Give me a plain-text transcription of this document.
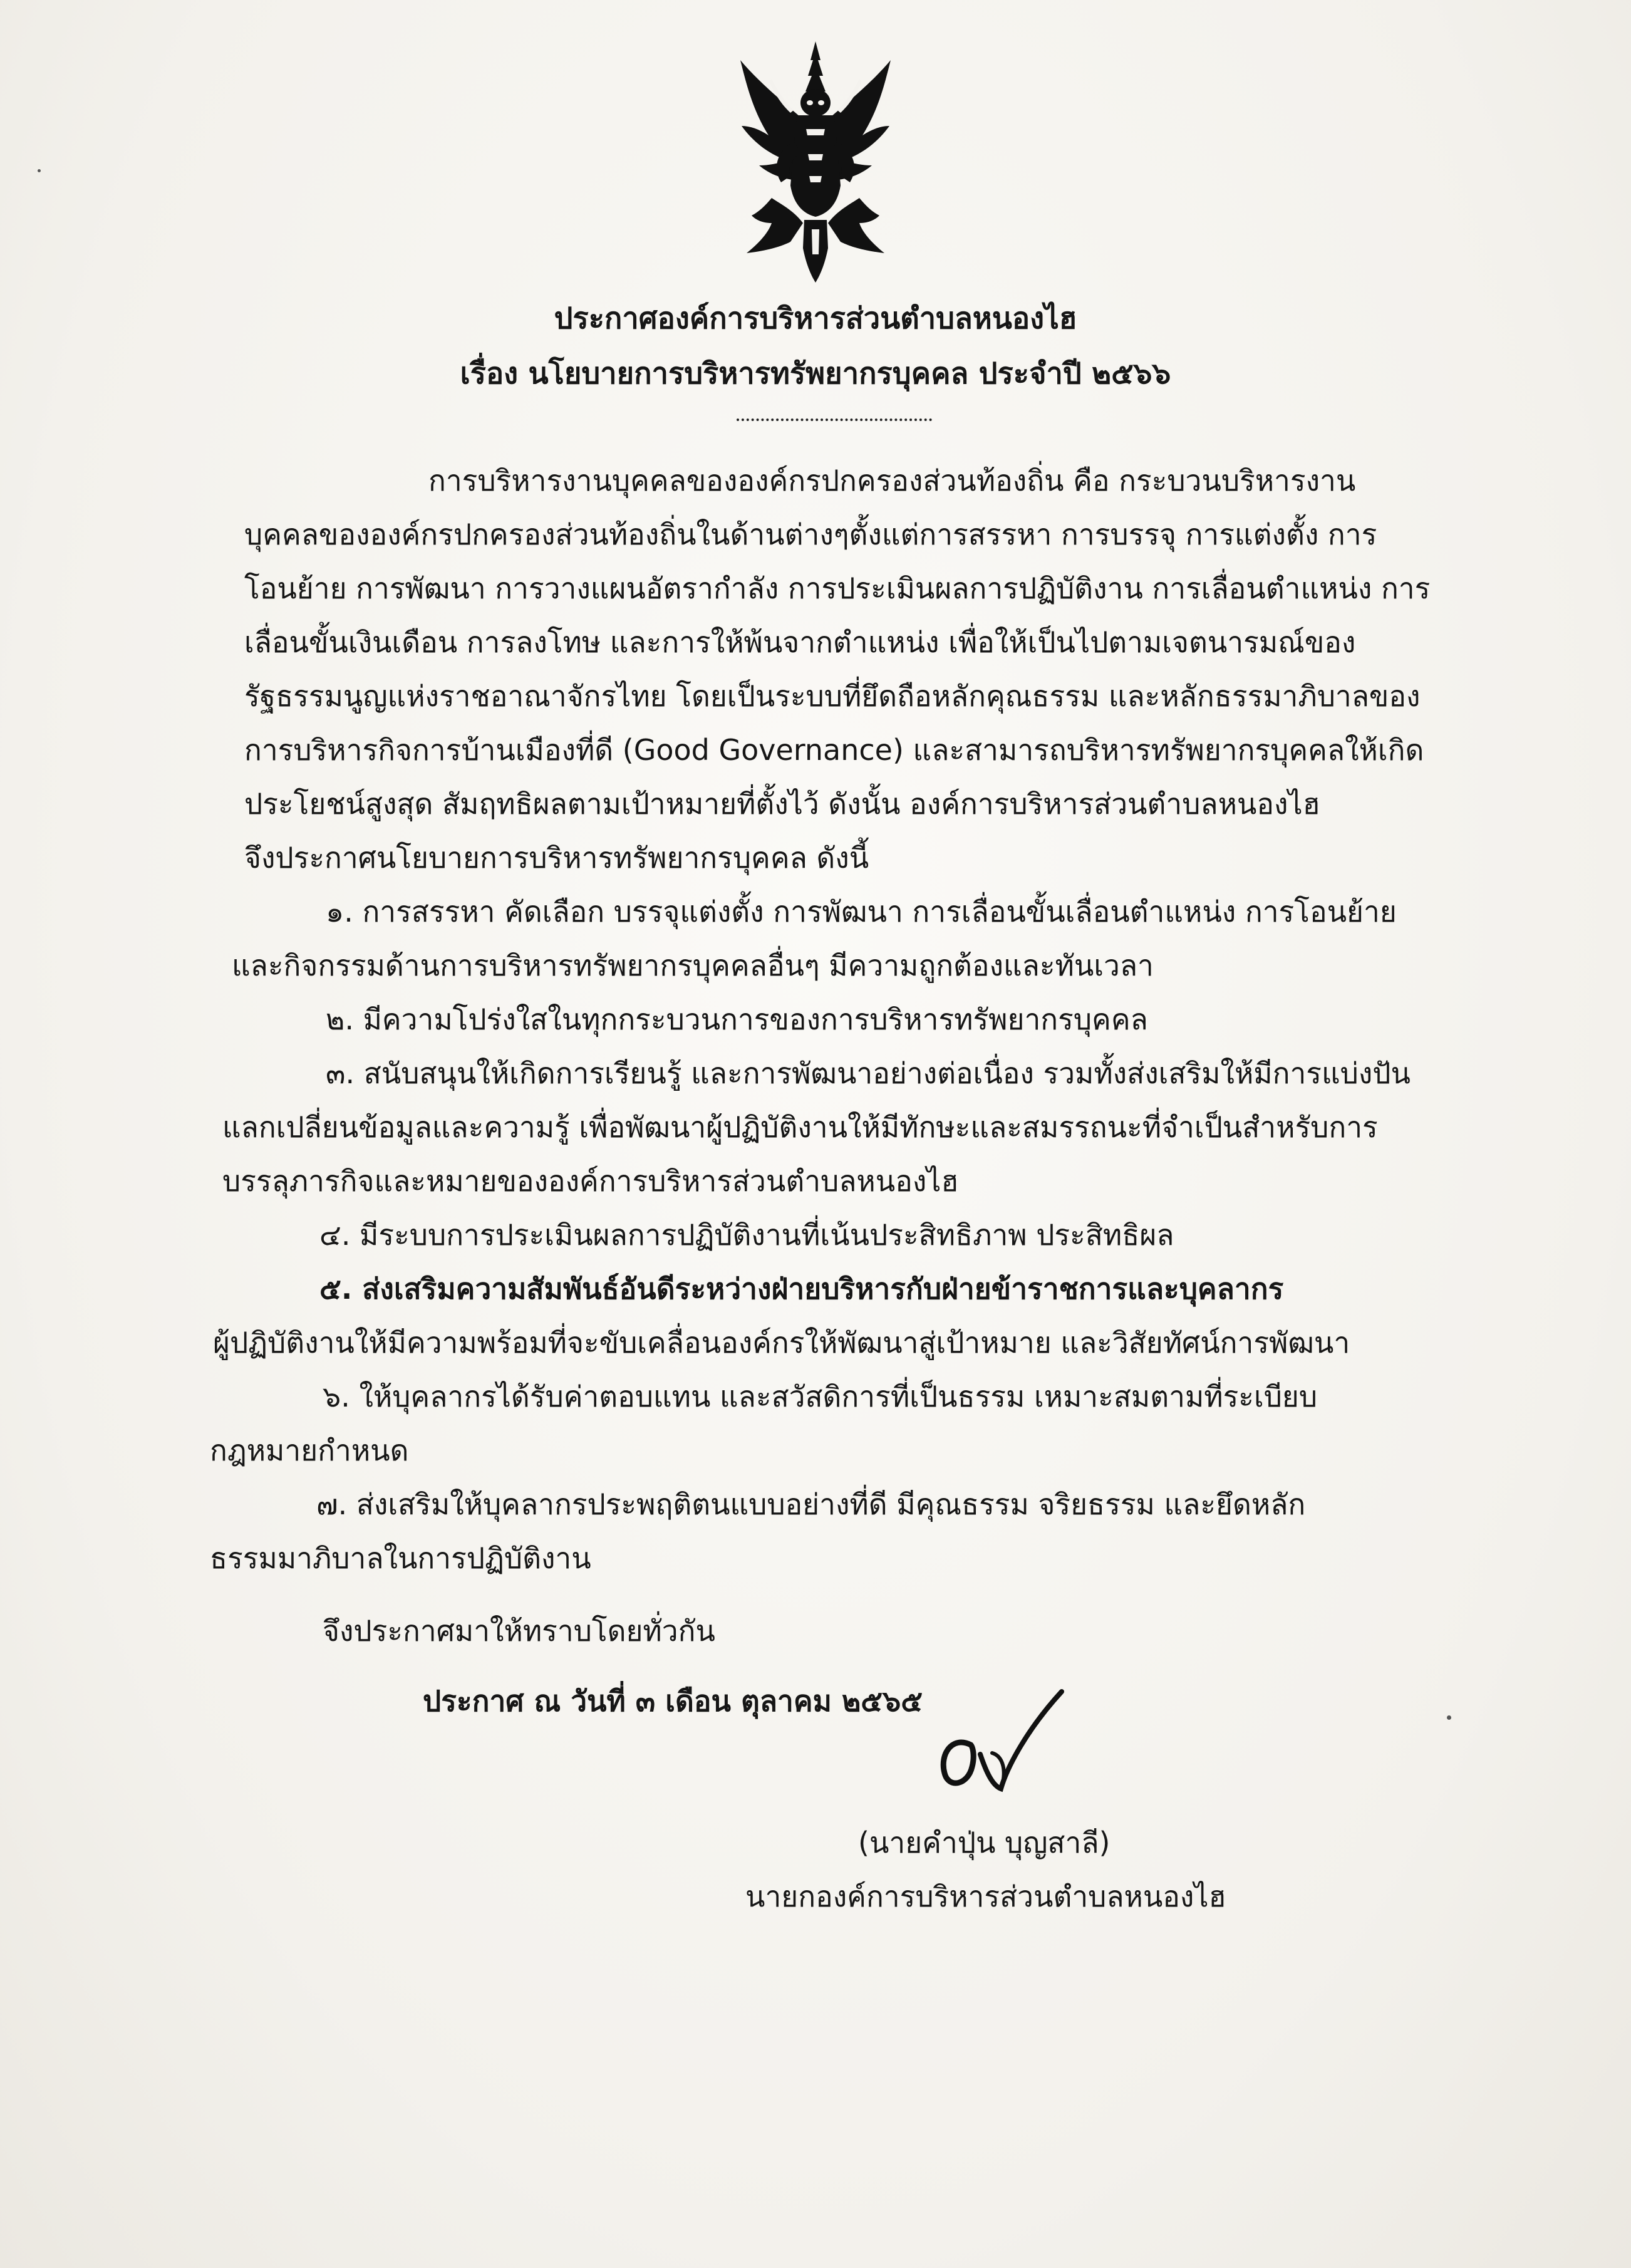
ประกาศองค์การบริหารส่วนตำบลหนองไฮ
เรื่อง นโยบายการบริหารทรัพยากรบุคคล ประจำปี ๒๕๖๖
การบริหารงานบุคคลขององค์กรปกครองส่วนท้องถิ่น คือ กระบวนบริหารงาน
บุคคลขององค์กรปกครองส่วนท้องถิ่นในด้านต่างๆตั้งแต่การสรรหา การบรรจุ การแต่งตั้ง การ
โอนย้าย การพัฒนา การวางแผนอัตรากำลัง การประเมินผลการปฏิบัติงาน การเลื่อนตำแหน่ง การ
เลื่อนขั้นเงินเดือน การลงโทษ และการให้พ้นจากตำแหน่ง เพื่อให้เป็นไปตามเจตนารมณ์ของ
รัฐธรรมนูญแห่งราชอาณาจักรไทย โดยเป็นระบบที่ยึดถือหลักคุณธรรม และหลักธรรมาภิบาลของ
การบริหารกิจการบ้านเมืองที่ดี (Good Governance) และสามารถบริหารทรัพยากรบุคคลให้เกิด
ประโยชน์สูงสุด สัมฤทธิผลตามเป้าหมายที่ตั้งไว้ ดังนั้น องค์การบริหารส่วนตำบลหนองไฮ
จึงประกาศนโยบายการบริหารทรัพยากรบุคคล ดังนี้
๑. การสรรหา คัดเลือก บรรจุแต่งตั้ง การพัฒนา การเลื่อนขั้นเลื่อนตำแหน่ง การโอนย้าย
และกิจกรรมด้านการบริหารทรัพยากรบุคคลอื่นๆ มีความถูกต้องและทันเวลา
๒. มีความโปร่งใสในทุกกระบวนการของการบริหารทรัพยากรบุคคล
๓. สนับสนุนให้เกิดการเรียนรู้ และการพัฒนาอย่างต่อเนื่อง รวมทั้งส่งเสริมให้มีการแบ่งปัน
แลกเปลี่ยนข้อมูลและความรู้ เพื่อพัฒนาผู้ปฏิบัติงานให้มีทักษะและสมรรถนะที่จำเป็นสำหรับการ
บรรลุภารกิจและหมายขององค์การบริหารส่วนตำบลหนองไฮ
๔. มีระบบการประเมินผลการปฏิบัติงานที่เน้นประสิทธิภาพ ประสิทธิผล
๕. ส่งเสริมความสัมพันธ์อันดีระหว่างฝ่ายบริหารกับฝ่ายข้าราชการและบุคลากร
ผู้ปฏิบัติงานให้มีความพร้อมที่จะขับเคลื่อนองค์กรให้พัฒนาสู่เป้าหมาย และวิสัยทัศน์การพัฒนา
๖. ให้บุคลากรได้รับค่าตอบแทน และสวัสดิการที่เป็นธรรม เหมาะสมตามที่ระเบียบ
กฎหมายกำหนด
๗. ส่งเสริมให้บุคลากรประพฤติตนแบบอย่างที่ดี มีคุณธรรม จริยธรรม และยึดหลัก
ธรรมมาภิบาลในการปฏิบัติงาน
จึงประกาศมาให้ทราบโดยทั่วกัน
ประกาศ ณ วันที่ ๓ เดือน ตุลาคม ๒๕๖๕
(นายคำปุ่น บุญสาลี)
นายกองค์การบริหารส่วนตำบลหนองไฮ
